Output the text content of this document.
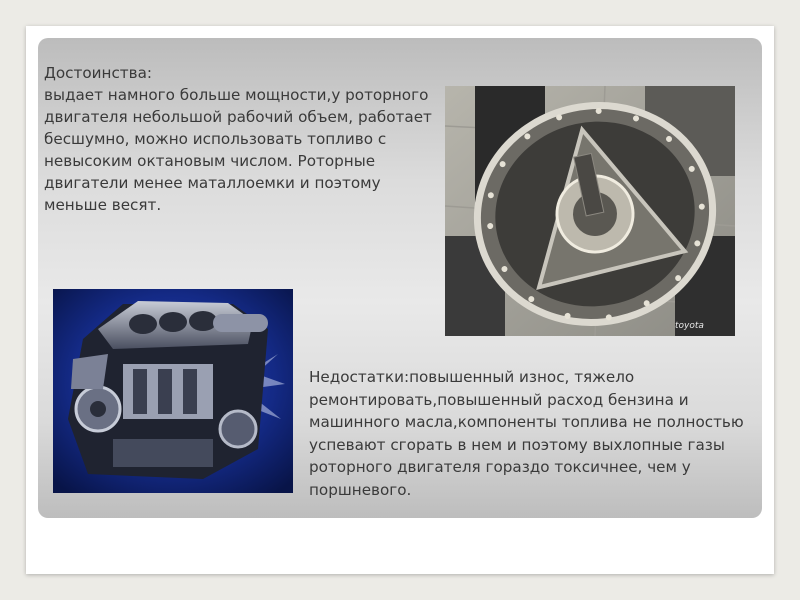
Достоинства:
выдает намного больше мощности,у роторного двигателя небольшой рабочий объем, работает бесшумно, можно использовать топливо с невысоким октановым числом. Роторные двигатели менее маталлоемки и поэтому меньше весят.

toyota

Недостатки:повышенный износ, тяжело
ремонтировать,повышенный расход бензина и
машинного масла,компоненты топлива не полностью
успевают сгорать в нем и поэтому выхлопные газы
роторного двигателя гораздо токсичнее, чем у
поршневого.
